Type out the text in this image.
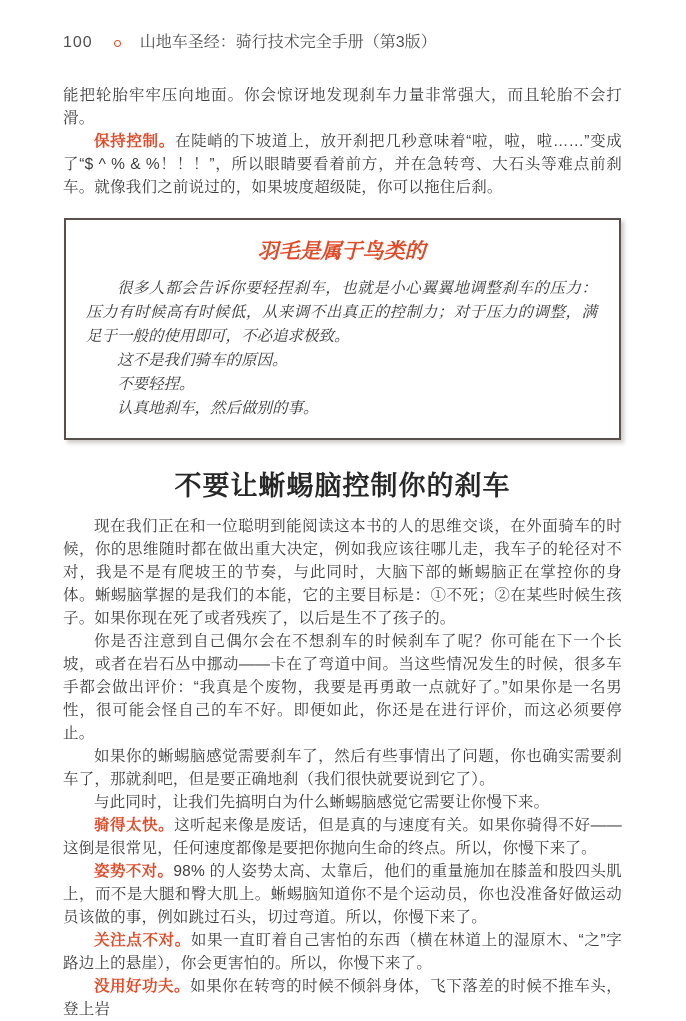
100	山地车圣经：骑行技术完全手册（第3版）

能把轮胎牢牢压向地面。你会惊讶地发现刹车力量非常强大，而且轮胎不会打滑。

保持控制。在陡峭的下坡道上，放开刹把几秒意味着“啦，啦，啦……”变成了“$ ^ % & %！！！”，所以眼睛要看着前方，并在急转弯、大石头等难点前刹车。就像我们之前说过的，如果坡度超级陡，你可以拖住后刹。

羽毛是属于鸟类的

很多人都会告诉你要轻捏刹车，也就是小心翼翼地调整刹车的压力：压力有时候高有时候低，从来调不出真正的控制力；对于压力的调整，满足于一般的使用即可，不必追求极致。

这不是我们骑车的原因。

不要轻捏。

认真地刹车，然后做别的事。

不要让蜥蜴脑控制你的刹车

现在我们正在和一位聪明到能阅读这本书的人的思维交谈，在外面骑车的时候，你的思维随时都在做出重大决定，例如我应该往哪儿走，我车子的轮径对不对，我是不是有爬坡王的节奏，与此同时，大脑下部的蜥蜴脑正在掌控你的身体。蜥蜴脑掌握的是我们的本能，它的主要目标是：①不死；②在某些时候生孩子。如果你现在死了或者残疾了，以后是生不了孩子的。

你是否注意到自己偶尔会在不想刹车的时候刹车了呢？你可能在下一个长坡，或者在岩石丛中挪动——卡在了弯道中间。当这些情况发生的时候，很多车手都会做出评价：“我真是个废物，我要是再勇敢一点就好了。”如果你是一名男性，很可能会怪自己的车不好。即便如此，你还是在进行评价，而这必须要停止。

如果你的蜥蜴脑感觉需要刹车了，然后有些事情出了问题，你也确实需要刹车了，那就刹吧，但是要正确地刹（我们很快就要说到它了）。

与此同时，让我们先搞明白为什么蜥蜴脑感觉它需要让你慢下来。

骑得太快。这听起来像是废话，但是真的与速度有关。如果你骑得不好——这倒是很常见，任何速度都像是要把你抛向生命的终点。所以，你慢下来了。

姿势不对。98% 的人姿势太高、太靠后，他们的重量施加在膝盖和股四头肌上，而不是大腿和臀大肌上。蜥蜴脑知道你不是个运动员，你也没准备好做运动员该做的事，例如跳过石头，切过弯道。所以，你慢下来了。

关注点不对。如果一直盯着自己害怕的东西（横在林道上的湿原木、“之”字路边上的悬崖），你会更害怕的。所以，你慢下来了。

没用好功夫。如果你在转弯的时候不倾斜身体，飞下落差的时候不推车头，登上岩
